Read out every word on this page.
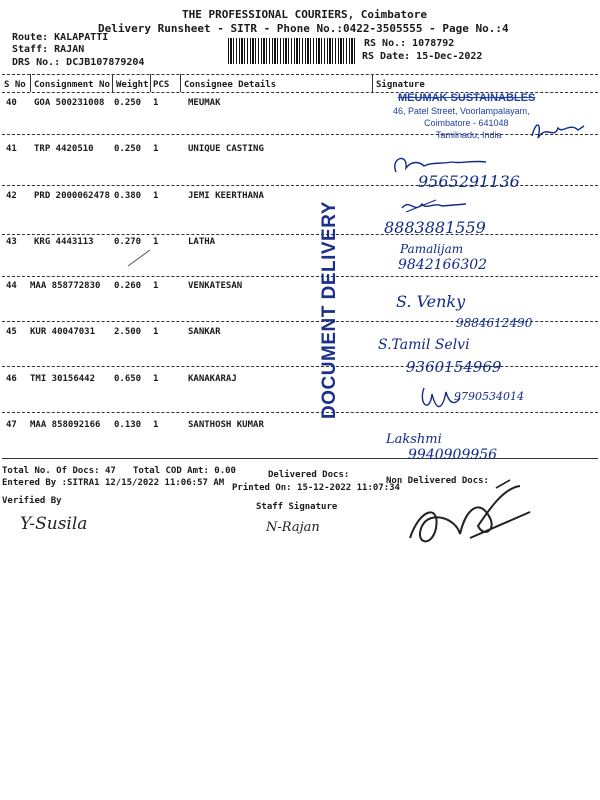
THE PROFESSIONAL COURIERS, Coimbatore
Delivery Runsheet - SITR - Phone No.:0422-3505555 - Page No.:4
Route: KALAPATTI
Staff: RAJAN
DRS No.: DCJB107879204
RS No.: 1078792
RS Date: 15-Dec-2022
S No Consignment No Weight PCS Consignee Details	Signature
40 GOA 500231008 0.250 1	MEUMAK
41 TRP 4420510 0.250 1	UNIQUE CASTING
42 PRD 2000062478 0.380 1	JEMI KEERTHANA
43 KRG 4443113 0.270 1	LATHA
44 MAA 858772830 0.260 1	VENKATESAN
45 KUR 40047031 2.500 1	SANKAR
46 TMI 30156442 0.650 1	KANAKARAJ
47 MAA 858092166 0.130 1	SANTHOSH KUMAR
MEUMAK SUSTAINABLES
46, Patel Street, Voorlampalayam,
Coimbatore - 641048
Tamilnadu, India
DOCUMENT DELIVERY
9565291136
8883881559
Pamalijam
9842166302
S. Venky
9884612490
S.Tamil Selvi
9360154969
9790534014
Lakshmi
9940909956
Total No. Of Docs: 47 Total COD Amt: 0.00	Delivered Docs:
Non Delivered Docs:
Entered By :SITRA1 12/15/2022 11:06:57 AM Printed On: 15-12-2022 11:07:34
Verified By
Staff Signature
Y-Susila	N-Rajan
